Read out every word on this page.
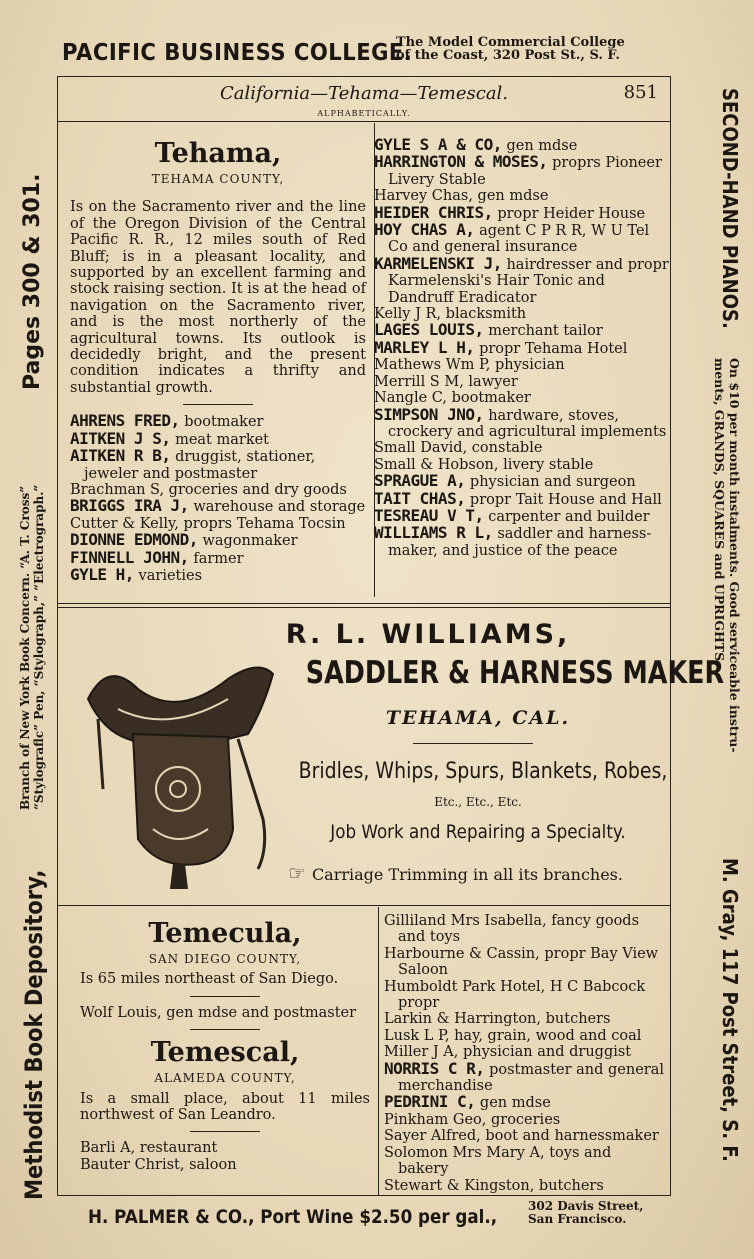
PACIFIC BUSINESS COLLEGE.
The Model Commercial College
of the Coast, 320 Post St., S. F.
Methodist Book Depository,
Branch of New York Book Concern. “A. T. Cross” “Stylograflc” Pen, “Stylograph,” “Electrograph.”
Pages 300 & 301.	SECOND-HAND PIANOS.
On $10 per month instalments. Good serviceable instru-
ments, GRANDS, SQUARES and UPRIGHTS.
M. Gray, 117 Post Street, S. F.
California—Tehama—Temescal.	851
ALPHABETICALLY.
Tehama,
TEHAMA COUNTY,

Is on the Sacramento river and the line of the Oregon Division of the Central Pacific R. R., 12 miles south of Red Bluff; is in a pleasant locality, and supported by an excellent farming and stock raising section. It is at the head of navigation on the Sacramento river, and is the most northerly of the agricultural towns. Its outlook is decidedly bright, and the present condition indicates a thrifty and substantial growth.

AHRENS FRED, bootmaker

AITKEN J S, meat market

AITKEN R B, druggist, stationer, jeweler and postmaster

Brachman S, groceries and dry goods

BRIGGS IRA J, warehouse and storage

Cutter & Kelly, proprs Tehama Tocsin

DIONNE EDMOND, wagonmaker

FINNELL JOHN, farmer

GYLE H, varieties

GYLE S A & CO, gen mdse

HARRINGTON & MOSES, proprs Pioneer Livery Stable

Harvey Chas, gen mdse

HEIDER CHRIS, propr Heider House

HOY CHAS A, agent C P R R, W U Tel Co and general insurance

KARMELENSKI J, hairdresser and propr Karmelenski's Hair Tonic and Dandruff Eradicator

Kelly J R, blacksmith

LAGES LOUIS, merchant tailor

MARLEY L H, propr Tehama Hotel

Mathews Wm P, physician

Merrill S M, lawyer

Nangle C, bootmaker

SIMPSON JNO, hardware, stoves, crockery and agricultural implements

Small David, constable

Small & Hobson, livery stable

SPRAGUE A, physician and surgeon

TAIT CHAS, propr Tait House and Hall

TESREAU V T, carpenter and builder

WILLIAMS R L, saddler and harness-maker, and justice of the peace

R. L. WILLIAMS,
SADDLER & HARNESS MAKER
TEHAMA, CAL.
Bridles, Whips, Spurs, Blankets, Robes,
Etc., Etc., Etc.
Job Work and Repairing a Specialty.
☞ Carriage Trimming in all its branches.
Temecula,
SAN DIEGO COUNTY,

Is 65 miles northeast of San Diego.

Wolf Louis, gen mdse and postmaster

Temescal,
ALAMEDA COUNTY,

Is a small place, about 11 miles northwest of San Leandro.

Barli A, restaurant

Bauter Christ, saloon

Gilliland Mrs Isabella, fancy goods and toys

Harbourne & Cassin, propr Bay View Saloon

Humboldt Park Hotel, H C Babcock propr

Larkin & Harrington, butchers

Lusk L P, hay, grain, wood and coal

Miller J A, physician and druggist

NORRIS C R, postmaster and general merchandise

PEDRINI C, gen mdse

Pinkham Geo, groceries

Sayer Alfred, boot and harnessmaker

Solomon Mrs Mary A, toys and bakery

Stewart & Kingston, butchers

H. PALMER & CO., Port Wine $2.50 per gal.,	302 Davis Street,
San Francisco.
